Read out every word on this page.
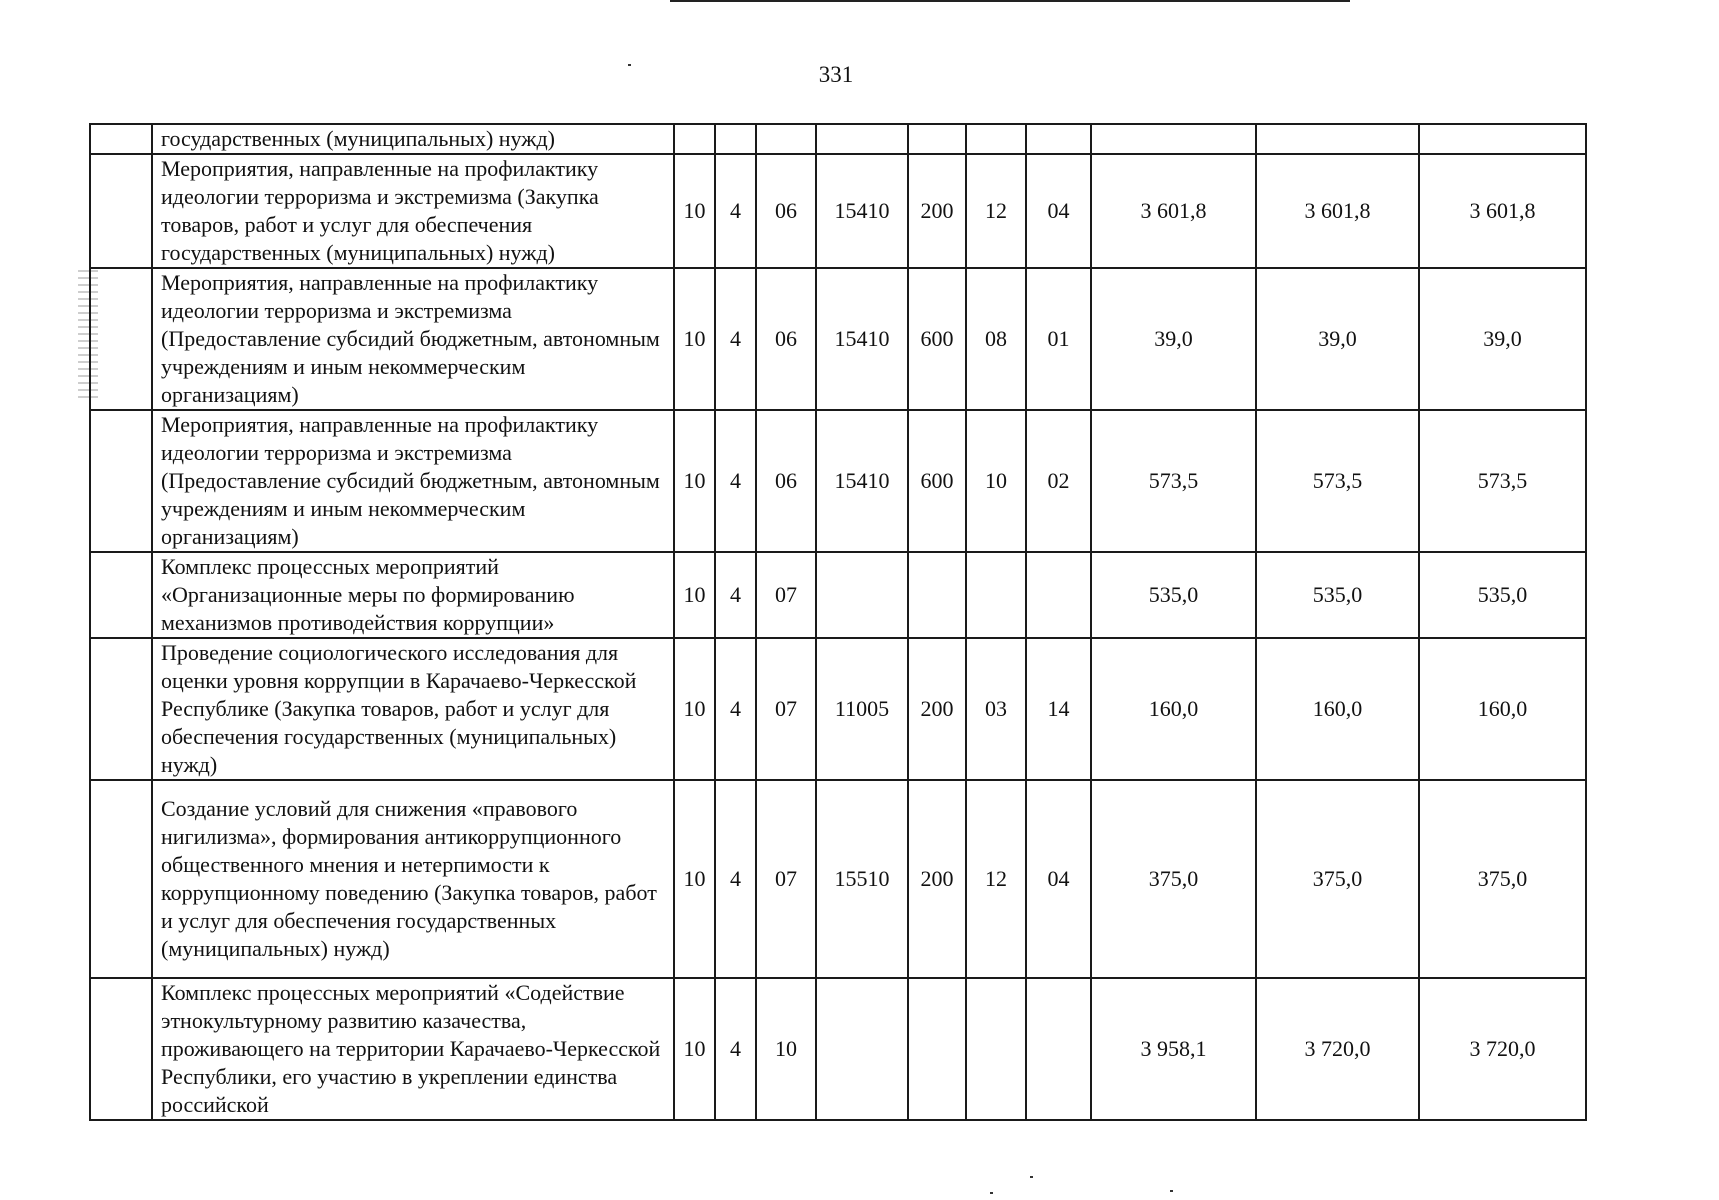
331
	государственных (муниципальных) нужд)										
	Мероприятия, направленные на профилактику идеологии терроризма и экстремизма (Закупка товаров, работ и услуг для обеспечения государственных (муниципальных) нужд)	10	4	06	15410	200	12	04	3 601,8	3 601,8	3 601,8
	Мероприятия, направленные на профилактику идеологии терроризма и экстремизма (Предоставление субсидий бюджетным, автономным учреждениям и иным некоммерческим организациям)	10	4	06	15410	600	08	01	39,0	39,0	39,0
	Мероприятия, направленные на профилактику идеологии терроризма и экстремизма (Предоставление субсидий бюджетным, автономным учреждениям и иным некоммерческим организациям)	10	4	06	15410	600	10	02	573,5	573,5	573,5
	Комплекс процессных мероприятий «Организационные меры по формированию механизмов противодействия коррупции»	10	4	07					535,0	535,0	535,0
	Проведение социологического исследования для оценки уровня коррупции в Карачаево-Черкесской Республике (Закупка товаров, работ и услуг для обеспечения государственных (муниципальных) нужд)	10	4	07	11005	200	03	14	160,0	160,0	160,0
	Создание условий для снижения «правового нигилизма», формирования антикоррупционного общественного мнения и нетерпимости к коррупционному поведению (Закупка товаров, работ и услуг для обеспечения государственных (муниципальных) нужд)	10	4	07	15510	200	12	04	375,0	375,0	375,0
	Комплекс процессных мероприятий «Содействие этнокультурному развитию казачества, проживающего на территории Карачаево-Черкесской Республики, его участию в укреплении единства российской	10	4	10					3 958,1	3 720,0	3 720,0
